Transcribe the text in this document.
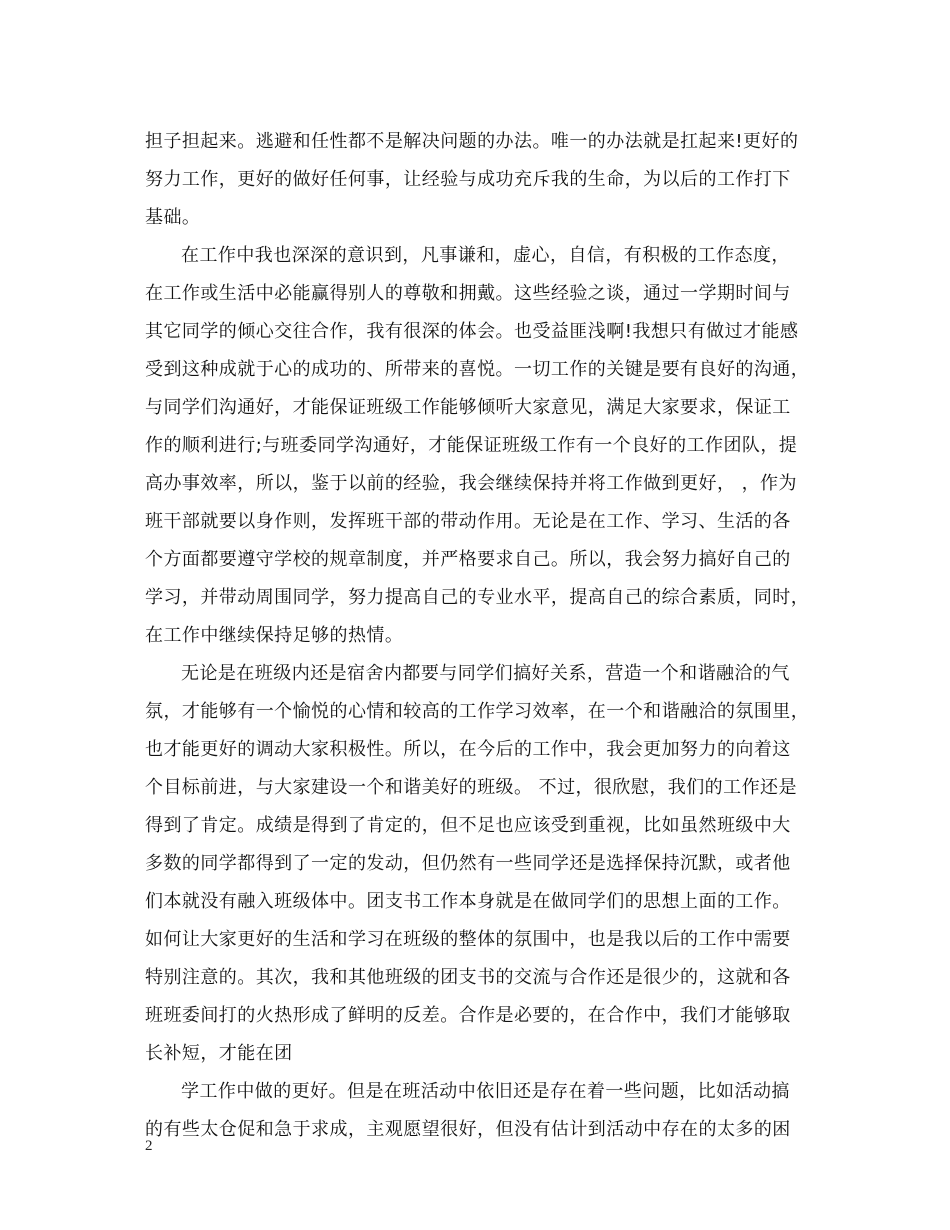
担子担起来。逃避和任性都不是解决问题的办法。唯一的办法就是扛起来!更好的
努力工作，更好的做好任何事，让经验与成功充斥我的生命，为以后的工作打下
基础。
在工作中我也深深的意识到，凡事谦和，虚心，自信，有积极的工作态度，
在工作或生活中必能赢得别人的尊敬和拥戴。这些经验之谈，通过一学期时间与
其它同学的倾心交往合作，我有很深的体会。也受益匪浅啊!我想只有做过才能感
受到这种成就于心的成功的、所带来的喜悦。一切工作的关键是要有良好的沟通，
与同学们沟通好，才能保证班级工作能够倾听大家意见，满足大家要求，保证工
作的顺利进行;与班委同学沟通好，才能保证班级工作有一个良好的工作团队，提
高办事效率，所以，鉴于以前的经验，我会继续保持并将工作做到更好， ，作为
班干部就要以身作则，发挥班干部的带动作用。无论是在工作、学习、生活的各
个方面都要遵守学校的规章制度，并严格要求自己。所以，我会努力搞好自己的
学习，并带动周围同学，努力提高自己的专业水平，提高自己的综合素质，同时，
在工作中继续保持足够的热情。
无论是在班级内还是宿舍内都要与同学们搞好关系，营造一个和谐融洽的气
氛，才能够有一个愉悦的心情和较高的工作学习效率，在一个和谐融洽的氛围里，
也才能更好的调动大家积极性。所以，在今后的工作中，我会更加努力的向着这
个目标前进，与大家建设一个和谐美好的班级。 不过，很欣慰，我们的工作还是
得到了肯定。成绩是得到了肯定的，但不足也应该受到重视，比如虽然班级中大
多数的同学都得到了一定的发动，但仍然有一些同学还是选择保持沉默，或者他
们本就没有融入班级体中。团支书工作本身就是在做同学们的思想上面的工作。
如何让大家更好的生活和学习在班级的整体的氛围中，也是我以后的工作中需要
特别注意的。其次，我和其他班级的团支书的交流与合作还是很少的，这就和各
班班委间打的火热形成了鲜明的反差。合作是必要的，在合作中，我们才能够取
长补短，才能在团
学工作中做的更好。但是在班活动中依旧还是存在着一些问题，比如活动搞
的有些太仓促和急于求成，主观愿望很好，但没有估计到活动中存在的太多的困
2
